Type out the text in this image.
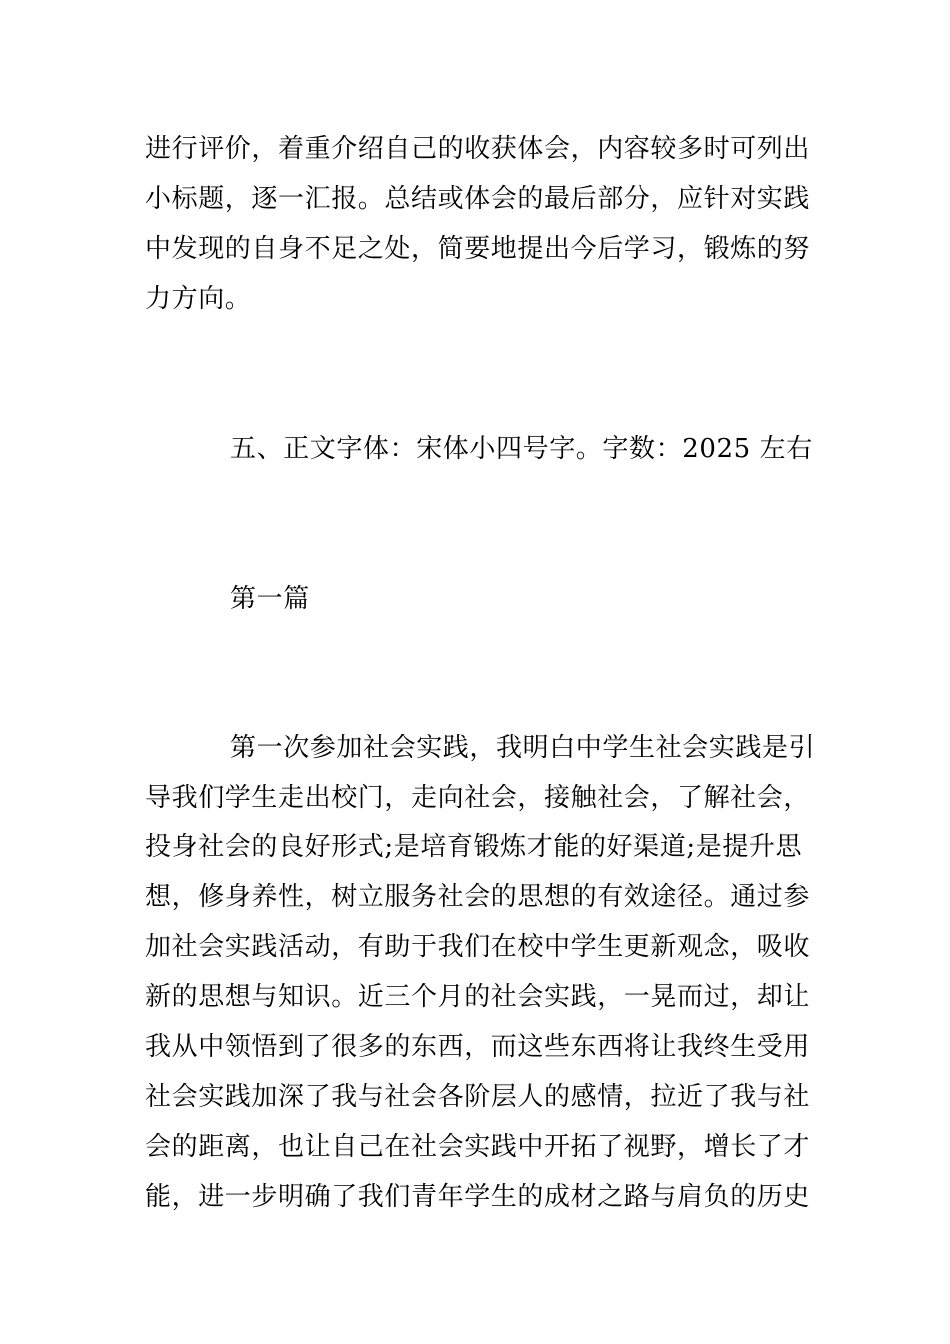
进行评价，着重介绍自己的收获体会，内容较多时可列出
小标题，逐一汇报。总结或体会的最后部分，应针对实践
中发现的自身不足之处，简要地提出今后学习，锻炼的努
力方向。
五、正文字体：宋体小四号字。字数：2025 左右
第一篇
第一次参加社会实践，我明白中学生社会实践是引
导我们学生走出校门，走向社会，接触社会，了解社会，
投身社会的良好形式;是培育锻炼才能的好渠道;是提升思
想，修身养性，树立服务社会的思想的有效途径。通过参
加社会实践活动，有助于我们在校中学生更新观念，吸收
新的思想与知识。近三个月的社会实践，一晃而过，却让
我从中领悟到了很多的东西，而这些东西将让我终生受用
社会实践加深了我与社会各阶层人的感情，拉近了我与社
会的距离，也让自己在社会实践中开拓了视野，增长了才
能，进一步明确了我们青年学生的成材之路与肩负的历史
